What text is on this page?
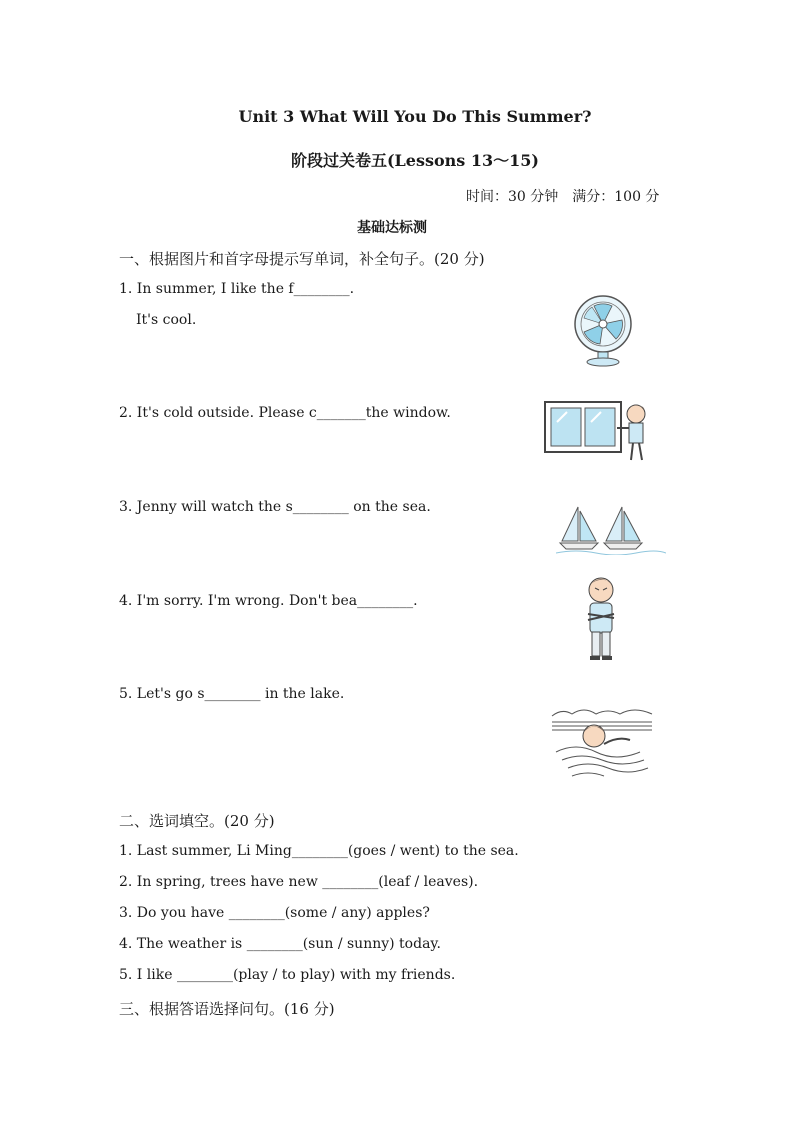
Unit 3 What Will You Do This Summer?
阶段过关卷五(Lessons 13～15)
时间：30 分钟　满分：100 分
基础达标测
一、根据图片和首字母提示写单词，补全句子。(20 分)
1. In summer, I like the f________.
It's cool.
2. It's cold outside. Please c_______the window.
3. Jenny will watch the s________ on the sea.
4. I'm sorry. I'm wrong. Don't bea________.
5. Let's go s________ in the lake.
二、选词填空。(20 分)
1. Last summer, Li Ming________(goes / went) to the sea.
2. In spring, trees have new ________(leaf / leaves).
3. Do you have ________(some / any) apples?
4. The weather is ________(sun / sunny) today.
5. I like ________(play / to play) with my friends.
三、根据答语选择问句。(16 分)
